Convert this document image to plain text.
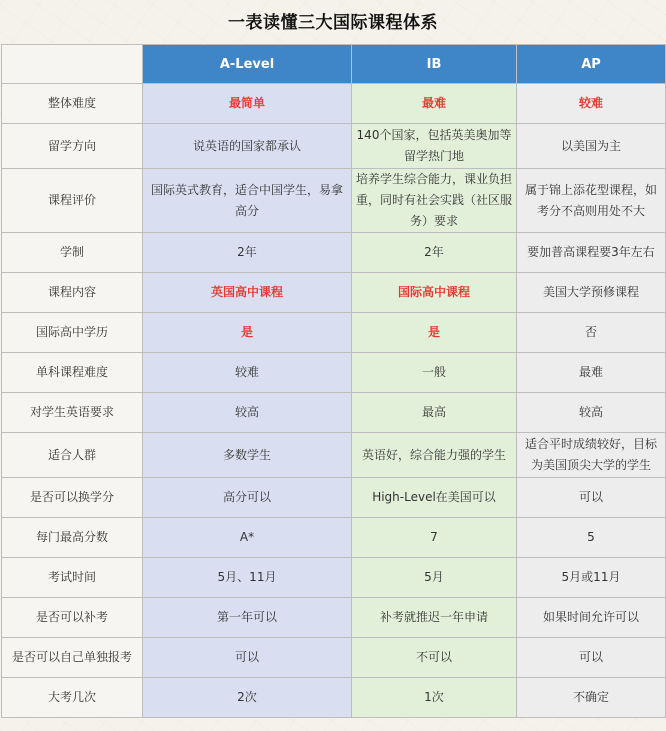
一表读懂三大国际课程体系
	A-Level	IB	AP
整体难度	最简单	最难	较难
留学方向	说英语的国家都承认	140个国家，包括英美奥加等留学热门地	以美国为主
课程评价	国际英式教育，适合中国学生，易拿高分	培养学生综合能力，课业负担重，同时有社会实践（社区服务）要求	属于锦上添花型课程，如考分不高则用处不大
学制	2年	2年	要加普高课程要3年左右
课程内容	英国高中课程	国际高中课程	美国大学预修课程
国际高中学历	是	是	否
单科课程难度	较难	一般	最难
对学生英语要求	较高	最高	较高
适合人群	多数学生	英语好，综合能力强的学生	适合平时成绩较好，目标为美国顶尖大学的学生
是否可以换学分	高分可以	High-Level在美国可以	可以
每门最高分数	A*	7	5
考试时间	5月、11月	5月	5月或11月
是否可以补考	第一年可以	补考就推迟一年申请	如果时间允许可以
是否可以自己单独报考	可以	不可以	可以
大考几次	2次	1次	不确定
